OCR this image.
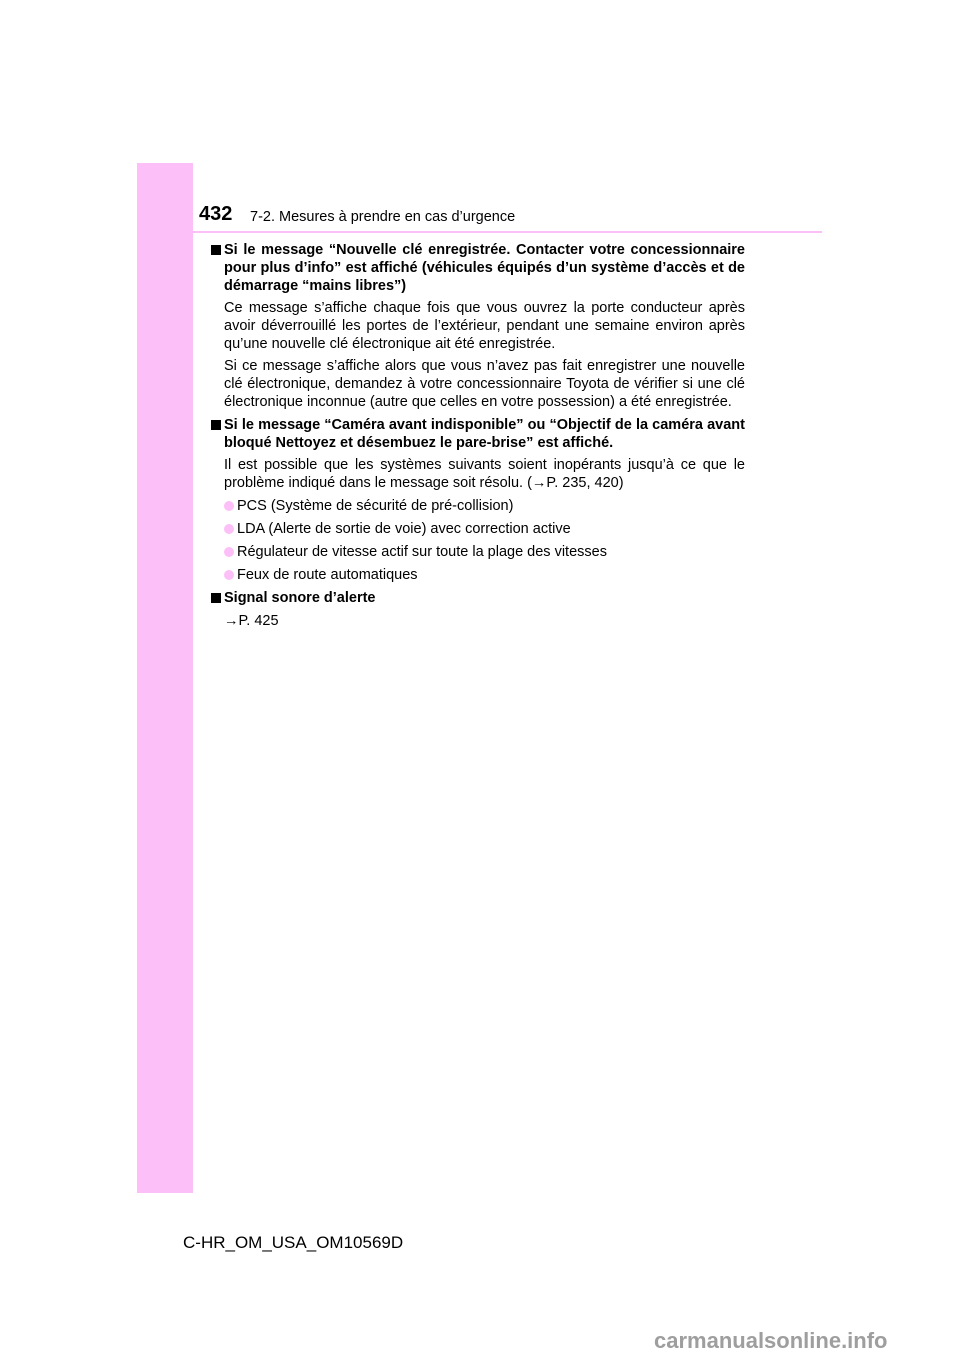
432 7-2. Mesures à prendre en cas d’urgence
Si le message “Nouvelle clé enregistrée. Contacter votre concessionnaire pour plus d’info” est affiché (véhicules équipés d’un système d’accès et de démarrage “mains libres”)
Ce message s’affiche chaque fois que vous ouvrez la porte conducteur après avoir déverrouillé les portes de l’extérieur, pendant une semaine environ après qu’une nouvelle clé électronique ait été enregistrée.
Si ce message s’affiche alors que vous n’avez pas fait enregistrer une nouvelle clé électronique, demandez à votre concessionnaire Toyota de vérifier si une clé électronique inconnue (autre que celles en votre possession) a été enregistrée.
Si le message “Caméra avant indisponible” ou “Objectif de la caméra avant bloqué Nettoyez et désembuez le pare-brise” est affiché.
Il est possible que les systèmes suivants soient inopérants jusqu’à ce que le problème indiqué dans le message soit résolu. (→P. 235, 420)
PCS (Système de sécurité de pré-collision)
LDA (Alerte de sortie de voie) avec correction active
Régulateur de vitesse actif sur toute la plage des vitesses
Feux de route automatiques
Signal sonore d’alerte
→P. 425
C-HR_OM_USA_OM10569D
carmanualsonline.info
